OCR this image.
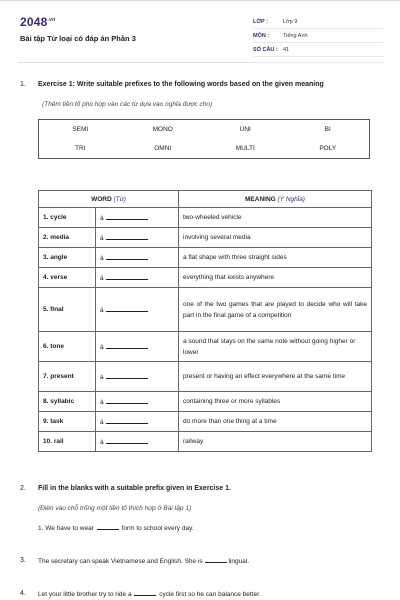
$2048^{.vn}$
Bài tập Từ loại có đáp án Phần 3
LỚP :	Lớp 9
MÔN :	Tiếng Anh
SỐ CÂU : 41
1. Exercise 1: Write suitable prefixes to the following words based on the given meaning
(Thêm tiền tố phù hợp vào các từ dựa vào nghĩa được cho)
SEMI	MONO	UNI	BI
TRI	OMNI	MULTI	POLY
WORD (Từ)		MEANING (Ý Nghĩa)
1. cycle	à	two-wheeled vehicle
2. media	à	involving several media
3. angle	à	a flat shape with three straight sides
4. verse	à	everything that exists anywhere
5. final	à	one of the two games that are played to decide who will take part in the final game of a competition
6. tone	à	a sound that stays on the same note without going higher or lower
7. present	à	present or having an effect everywhere at the same time
8. syllabic	à	containing three or more syllables
9. task	à	do more than one thing at a time
10. rail	à	railway
2. Fill in the blanks with a suitable prefix given in Exercise 1.
(Điền vào chỗ trống một tiền tố thích hợp ở Bài tập 1)
1. We have to wear	form to school every day.
3. The secretary can speak Vietnamese and English. She is	lingual.
4. Let your little brother try to ride a	cycle first so he can balance better.
